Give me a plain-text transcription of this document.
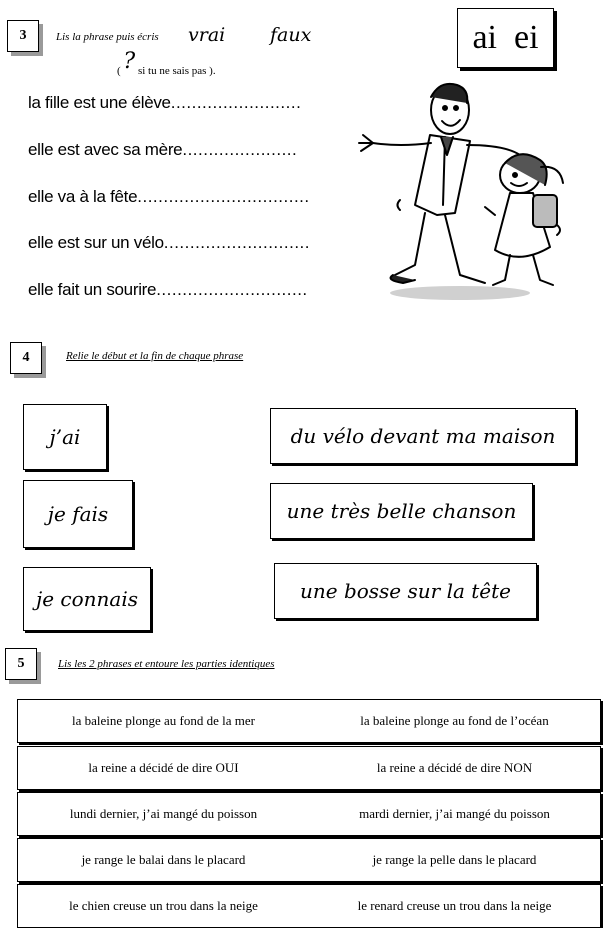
3	Lis la phrase puis écris vrai faux
( ? si tu ne sais pas ).
ai  ei
la fille est une élève.........................
elle est avec sa mère......................
elle va à la fête.................................
elle est sur un vélo............................
elle fait un sourire.............................
4	Relie le début et la fin de chaque phrase
j’ai
je fais
je connais
du vélo devant ma maison
une très belle chanson
une bosse sur la tête
5	Lis les 2 phrases et entoure les parties identiques
la baleine plonge au fond de la mer	la baleine plonge au fond de l’océan
la reine a décidé de dire OUI	la reine a décidé de dire NON
lundi dernier, j’ai mangé du poisson	mardi dernier, j’ai mangé du poisson
je range le balai dans le placard	je range la pelle dans le placard
le chien creuse un trou dans la neige	le renard creuse un trou dans la neige
